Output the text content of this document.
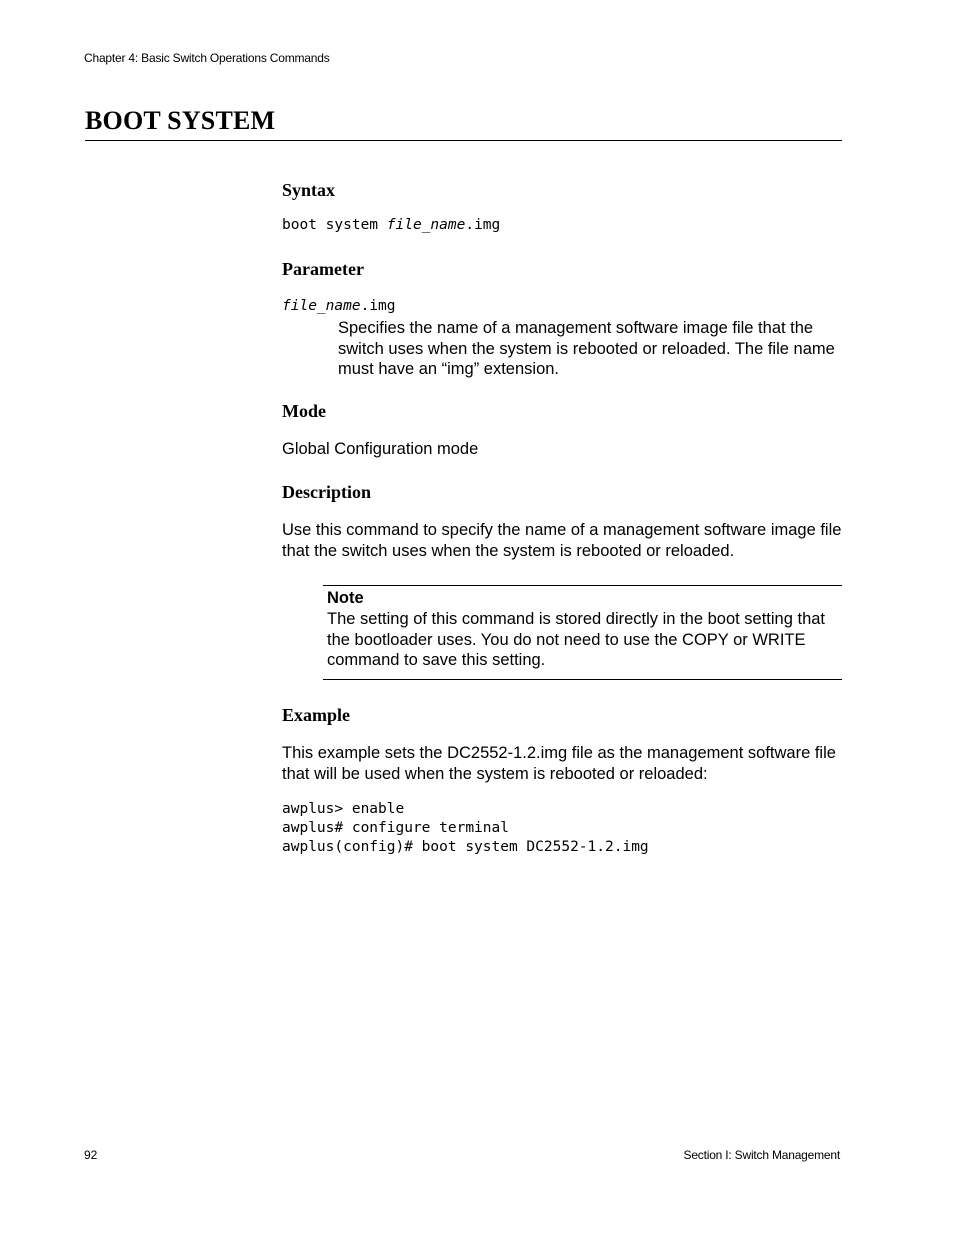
Chapter 4: Basic Switch Operations Commands
BOOT SYSTEM
Syntax
boot system file_name.img
Parameter
file_name.img
Specifies the name of a management software image file that the switch uses when the system is rebooted or reloaded. The file name must have an “img” extension.
Mode
Global Configuration mode
Description
Use this command to specify the name of a management software image file that the switch uses when the system is rebooted or reloaded.
Note
The setting of this command is stored directly in the boot setting that the bootloader uses. You do not need to use the COPY or WRITE command to save this setting.
Example
This example sets the DC2552-1.2.img file as the management software file that will be used when the system is rebooted or reloaded:
awplus> enable
awplus# configure terminal
awplus(config)# boot system DC2552-1.2.img
92	Section I: Switch Management
